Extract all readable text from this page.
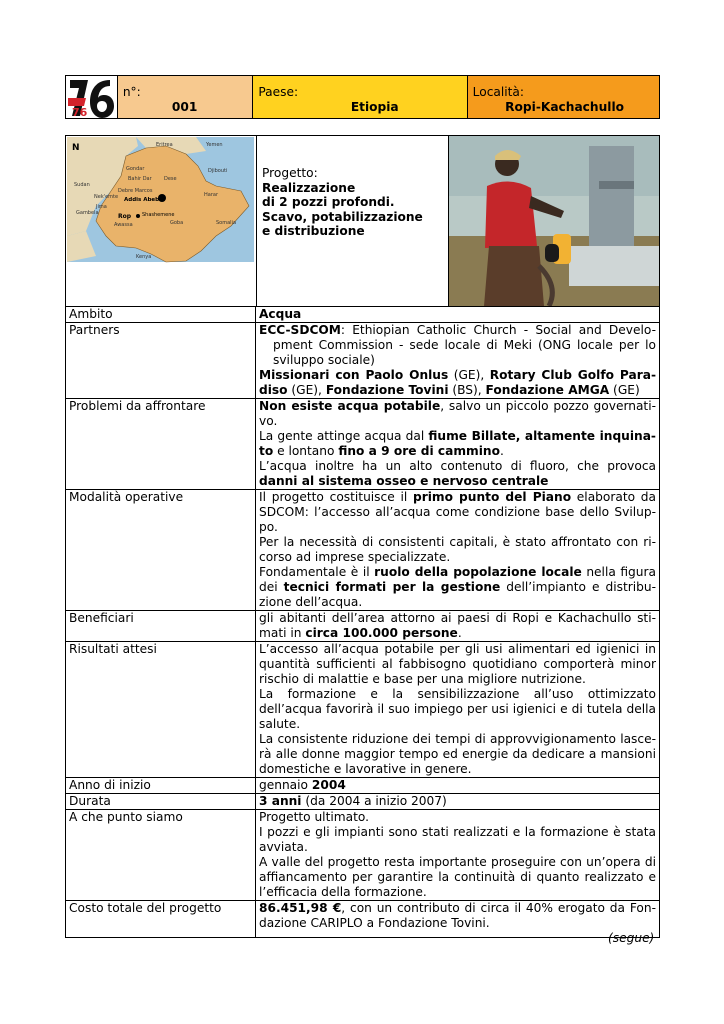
76
n°:
001
Paese:
Etiopia
Località:
Ropi-Kachachullo
N	Eritrea	Yemen
Gondar
Bahir Dar Dese
Djibouti
Debre Marcos
Harar
Addis Abeba
Rop Shashemene
Somalia
Nek'emte
Gambela
Jima
Goba
Awassa
Kenya
Sudan
Progetto:
Realizzazione
di 2 pozzi profondi.
Scavo, potabilizzazione
e distribuzione
Ambito	Acqua
Partners	ECC-SDCOM: Ethiopian Catholic Church - Social and Develo-pment Commission - sede locale di Meki (ONG locale per lo sviluppo sociale)

Missionari con Paolo Onlus (GE), Rotary Club Golfo Para-diso (GE), Fondazione Tovini (BS), Fondazione AMGA (GE)

Problemi da affrontare	Non esiste acqua potabile, salvo un piccolo pozzo governati-vo.

La gente attinge acqua dal fiume Billate, altamente inquina-to e lontano fino a 9 ore di cammino.

L’acqua inoltre ha un alto contenuto di fluoro, che provoca danni al sistema osseo e nervoso centrale

Modalità operative	Il progetto costituisce il primo punto del Piano elaborato da SDCOM: l’accesso all’acqua come condizione base dello Svilup-po.

Per la necessità di consistenti capitali, è stato affrontato con ri-corso ad imprese specializzate.

Fondamentale è il ruolo della popolazione locale nella figura dei tecnici formati per la gestione dell’impianto e distribu-zione dell’acqua.

Beneficiari	gli abitanti dell’area attorno ai paesi di Ropi e Kachachullo sti-mati in circa 100.000 persone.

Risultati attesi	L’accesso all’acqua potabile per gli usi alimentari ed igienici in quantità sufficienti al fabbisogno quotidiano comporterà minor rischio di malattie e base per una migliore nutrizione.

La formazione e la sensibilizzazione all’uso ottimizzato dell’acqua favorirà il suo impiego per usi igienici e di tutela della salute.

La consistente riduzione dei tempi di approvvigionamento lasce-rà alle donne maggior tempo ed energie da dedicare a mansioni domestiche e lavorative in genere.

Anno di inizio	gennaio 2004
Durata	3 anni (da 2004 a inizio 2007)
A che punto siamo	Progetto ultimato.

I pozzi e gli impianti sono stati realizzati e la formazione è stata avviata.

A valle del progetto resta importante proseguire con un’opera di affiancamento per garantire la continuità di quanto realizzato e l’efficacia della formazione.

Costo totale del progetto	86.451,98 €, con un contributo di circa il 40% erogato da Fon-dazione CARIPLO a Fondazione Tovini.
(segue)
